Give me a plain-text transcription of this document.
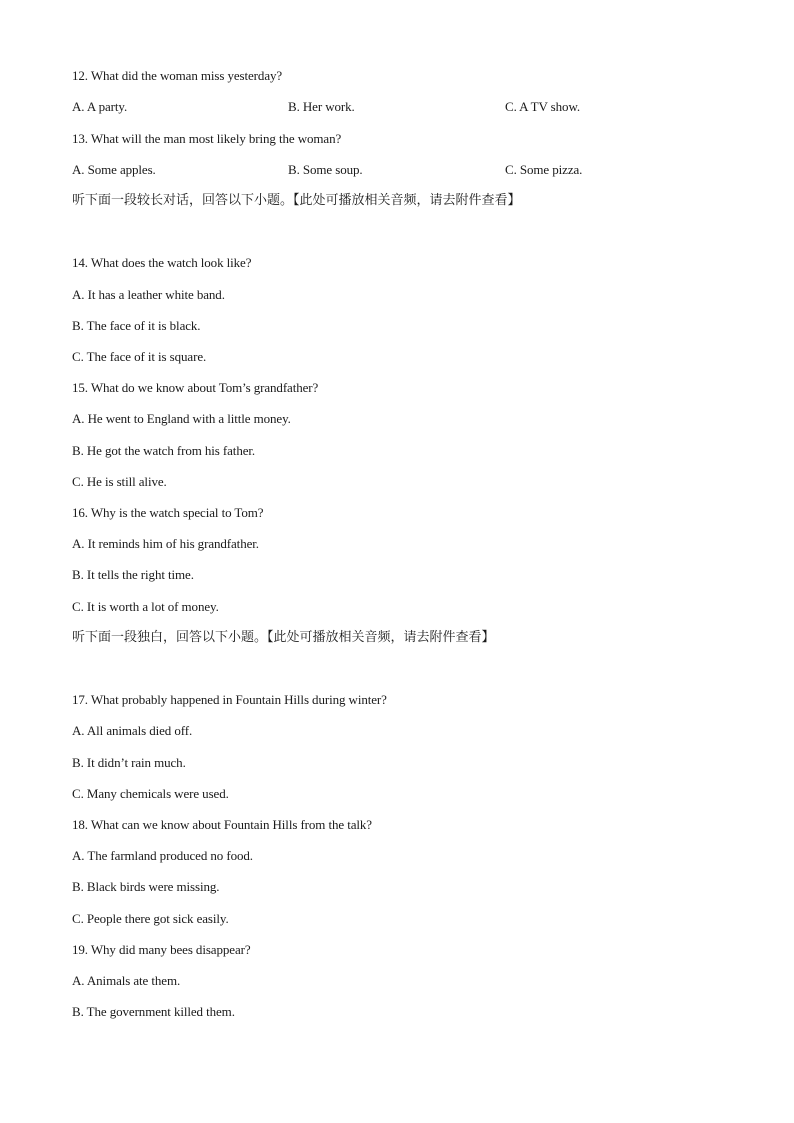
12. What did the woman miss yesterday?
A. A party.	B. Her work.	C. A TV show.
13. What will the man most likely bring the woman?
A. Some apples.	B. Some soup.	C. Some pizza.
听下面一段较长对话，回答以下小题。【此处可播放相关音频，请去附件查看】
14. What does the watch look like?
A. It has a leather white band.
B. The face of it is black.
C. The face of it is square.
15. What do we know about Tom’s grandfather?
A. He went to England with a little money.
B. He got the watch from his father.
C. He is still alive.
16. Why is the watch special to Tom?
A. It reminds him of his grandfather.
B. It tells the right time.
C. It is worth a lot of money.
听下面一段独白，回答以下小题。【此处可播放相关音频，请去附件查看】
17. What probably happened in Fountain Hills during winter?
A. All animals died off.
B. It didn’t rain much.
C. Many chemicals were used.
18. What can we know about Fountain Hills from the talk?
A. The farmland produced no food.
B. Black birds were missing.
C. People there got sick easily.
19. Why did many bees disappear?
A. Animals ate them.
B. The government killed them.
